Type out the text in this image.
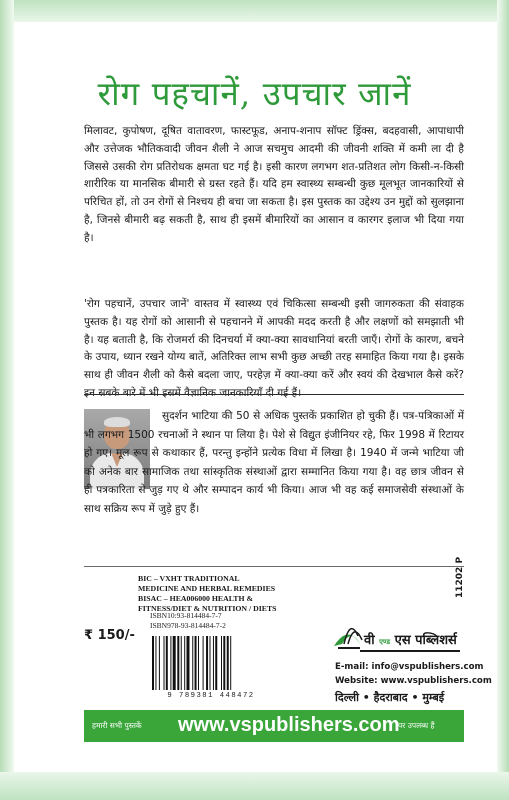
रोग पहचानें, उपचार जानें

मिलावट, कुपोषण, दूषित वातावरण, फास्टफूड, अनाप-शनाप सॉफ्ट ड्रिंक्स, बदहवासी, आपाधापी और उत्तेजक भौतिकवादी जीवन शैली ने आज सचमुच आदमी की जीवनी शक्ति में कमी ला दी है जिससे उसकी रोग प्रतिरोधक क्षमता घट गई है। इसी कारण लगभग शत-प्रतिशत लोग किसी-न-किसी शारीरिक या मानसिक बीमारी से ग्रस्त रहते हैं। यदि हम स्वास्थ्य सम्बन्धी कुछ मूलभूत जानकारियों से परिचित हों, तो उन रोगों से निश्चय ही बचा जा सकता है। इस पुस्तक का उद्देश्य उन मुद्दों को सुलझाना है, जिनसे बीमारी बढ़ सकती है, साथ ही इसमें बीमारियों का आसान व कारगर इलाज भी दिया गया है।

'रोग पहचानें, उपचार जानें' वास्तव में स्वास्थ्य एवं चिकित्सा सम्बन्धी इसी जागरुकता की संवाहक पुस्तक है। यह रोगों को आसानी से पहचानने में आपकी मदद करती है और लक्षणों को समझाती भी है। यह बताती है, कि रोजमर्रा की दिनचर्या में क्या-क्या सावधानियां बरती जाएँ। रोगों के कारण, बचने के उपाय, ध्यान रखने योग्य बातें, अतिरिक्त लाभ सभी कुछ अच्छी तरह समाहित किया गया है। इसके साथ ही जीवन शैली को कैसे बदला जाए, परहेज़ में क्या-क्या करें और स्वयं की देखभाल कैसे करें? इन सबके बारे में भी इसमें वैज्ञानिक जानकारियाँ दी गई हैं।

सुदर्शन भाटिया की 50 से अधिक पुस्तकें प्रकाशित हो चुकी हैं। पत्र-पत्रिकाओं में भी लगभग 1500 रचनाओं ने स्थान पा लिया है। पेशे से विद्युत इंजीनियर रहे, फिर 1998 में रिटायर हो गए। मूल रूप से कथाकार हैं, परन्तु इन्होंने प्रत्येक विधा में लिखा है। 1940 में जन्मे भाटिया जी को अनेक बार सामाजिक तथा सांस्कृतिक संस्थाओं द्वारा सम्मानित किया गया है। वह छात्र जीवन से ही पत्रकारिता से जुड़ गए थे और सम्पादन कार्य भी किया। आज भी वह कई समाजसेवी संस्थाओं के साथ सक्रिय रूप में जुड़े हुए हैं।

BIC – VXHT TRADITIONAL
MEDICINE AND HERBAL REMEDIES
BISAC – HEA006000 HEALTH &
FITNESS/DIET & NUTRITION / DIETS
ISBN10:93-814484-7-7
ISBN978-93-814484-7-2
₹ 150/-
9 789381 448472
11202 P
वी एण्ड एस पब्लिशर्स
E-mail: info@vspublishers.com
Website: www.vspublishers.com
दिल्ली • हैदराबाद • मुम्बई
हमारी सभी पुस्तकें www.vspublishers.com
पर उपलब्ध हैं
